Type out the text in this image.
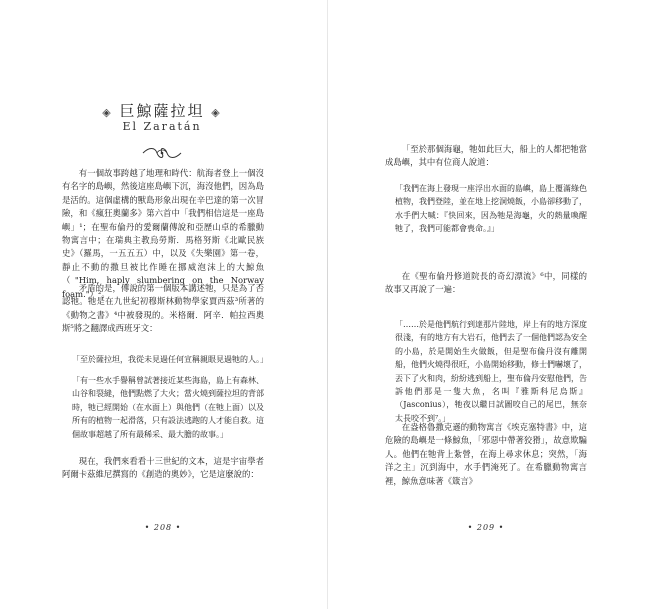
◈ 巨鯨薩拉坦 ◈
El Zaratán
有一個故事跨越了地理和時代：航海者登上一個沒有名字的島嶼，然後這座島嶼下沉，海沒他們，因為島是活的。這個虛構的獸島形象出現在辛巴達的第一次冒險，和《瘋狂奧蘭多》第六首中「我們相信這是一座島嶼」¹；在聖布倫丹的愛爾蘭傳說和亞歷山卓的希臘動物寓言中；在瑞典主教烏勞斯．馬格努斯《北歐民族史》（羅馬，一五五五）中，以及《失樂園》第一卷，靜止不動的撒旦被比作睡在挪威泡沫上的大鯨魚（"Him, haply slumbering on the Norway foam."）²。
矛盾的是，傳說的第一個版本講述牠，只是為了否認牠。牠是在九世紀初穆斯林動物學家賈西茲³所著的《動物之書》⁴中被發現的。米格爾．阿辛．帕拉西奧斯⁵將之翻譯成西班牙文：
「至於薩拉坦，我從未見過任何宣稱親眼見過牠的人。」
「有一些水手譽稱曾試著接近某些海島，島上有森林、山谷和裂縫，他們點燃了大火；當火燒到薩拉坦的背部時，牠已經開始（在水面上）與他們（在牠上面）以及所有的植物一起滑落，只有設法逃跑的人才能自救。這個故事超越了所有最稀采、最大膽的故事。」
現在，我們來看看十三世紀的文本，這是宇宙學者阿爾卡茲維尼撰寫的《創造的奧妙》，它是這麼說的：
• 208 •
「至於那個海龜，牠如此巨大，船上的人都把牠當成島嶼，其中有位商人說道：
「我們在海上發現一座浮出水面的島嶼，島上覆滿綠色植物，我們登陸，並在地上挖洞燒飯，小島卻移動了，水手們大喊：『快回來，因為牠是海龜，火的熱量喚醒牠了，我們可能都會喪命。』」
在《聖布倫丹修道院長的奇幻漂流》⁶中，同樣的故事又再說了一遍：
「……於是他們航行到達那片陸地，岸上有的地方深度很淺，有的地方有大岩石，他們去了一個他們認為安全的小島，於是開始生火做飯，但是聖布倫丹沒有離開船，他們火燒得很旺，小島開始移動，修士們嚇壞了，丟下了火和肉，紛紛逃到船上，聖布倫丹安慰他們，告訴他們那是一隻大魚，名叫『雅斯科尼烏斯』（Jasconius），牠夜以繼日試圖咬自己的尾巴，無奈太長咬不到⁷。」
在盎格魯撒克遜的動物寓言《埃克塞特書》中，這危險的島嶼是一條鯨魚，「邪惡中帶著狡猾」，故意欺騙人。他們在牠背上紮營，在海上尋求休息；突然，「海洋之主」沉到海中，水手們淹死了。在希臘動物寓言裡，鯨魚意味著《箴言》
• 209 •
